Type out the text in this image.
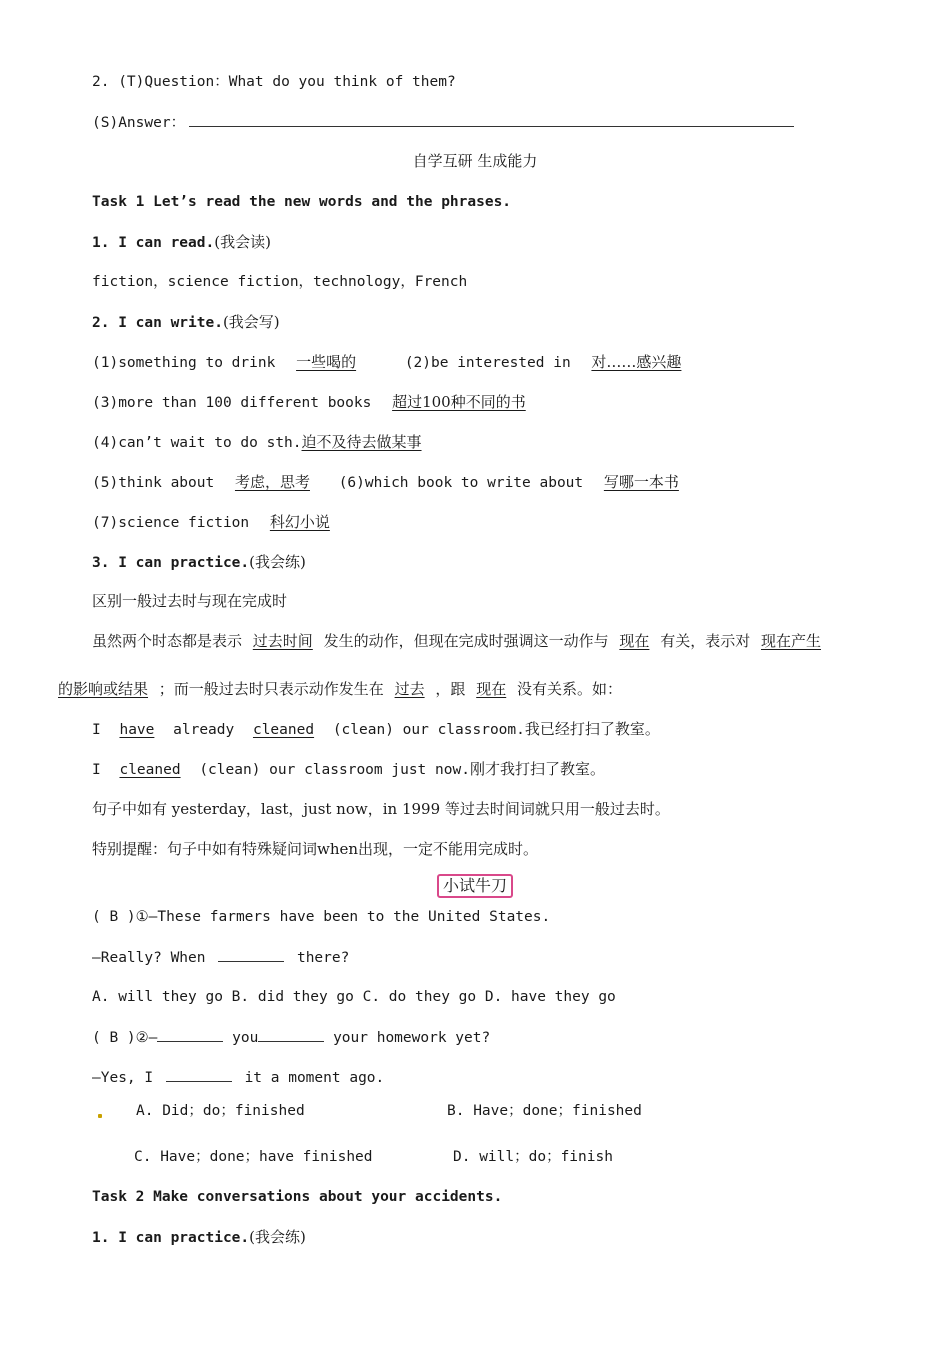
2. (T)Question：What do you think of them?
(S)Answer：
自学互研 生成能力
Task 1 Let’s read the new words and the phrases.
1. I can read.(我会读)
fiction，science fiction，technology，French
2. I can write.(我会写)
(1)something to drink 一些喝的	(2)be interested in 对……感兴趣
(3)more than 100 different books 超过100种不同的书
(4)can’t wait to do sth.迫不及待去做某事
(5)think about 考虑，思考 (6)which book to write about 写哪一本书
(7)science fiction 科幻小说
3. I can practice.(我会练)
区别一般过去时与现在完成时
虽然两个时态都是表示 过去时间 发生的动作，但现在完成时强调这一动作与 现在 有关，表示对 现在产生
的影响或结果 ；而一般过去时只表示动作发生在 过去 ，跟 现在 没有关系。如：
I have already cleaned (clean) our classroom.我已经打扫了教室。
I cleaned (clean) our classroom just now.刚才我打扫了教室。
句子中如有 yesterday，last，just now，in 1999 等过去时间词就只用一般过去时。
特别提醒：句子中如有特殊疑问词when出现，一定不能用完成时。
小试牛刀
( B )①—These farmers have been to the United States.
—Really? When	there?
A. will they go B. did they go C. do they go D. have they go
( B )②—	you	your homework yet?
—Yes, I	it a moment ago.
A. Did；do；finished	B. Have；done；finished
C. Have；done；have finished	D. will；do；finish
Task 2 Make conversations about your accidents.
1. I can practice.(我会练)
